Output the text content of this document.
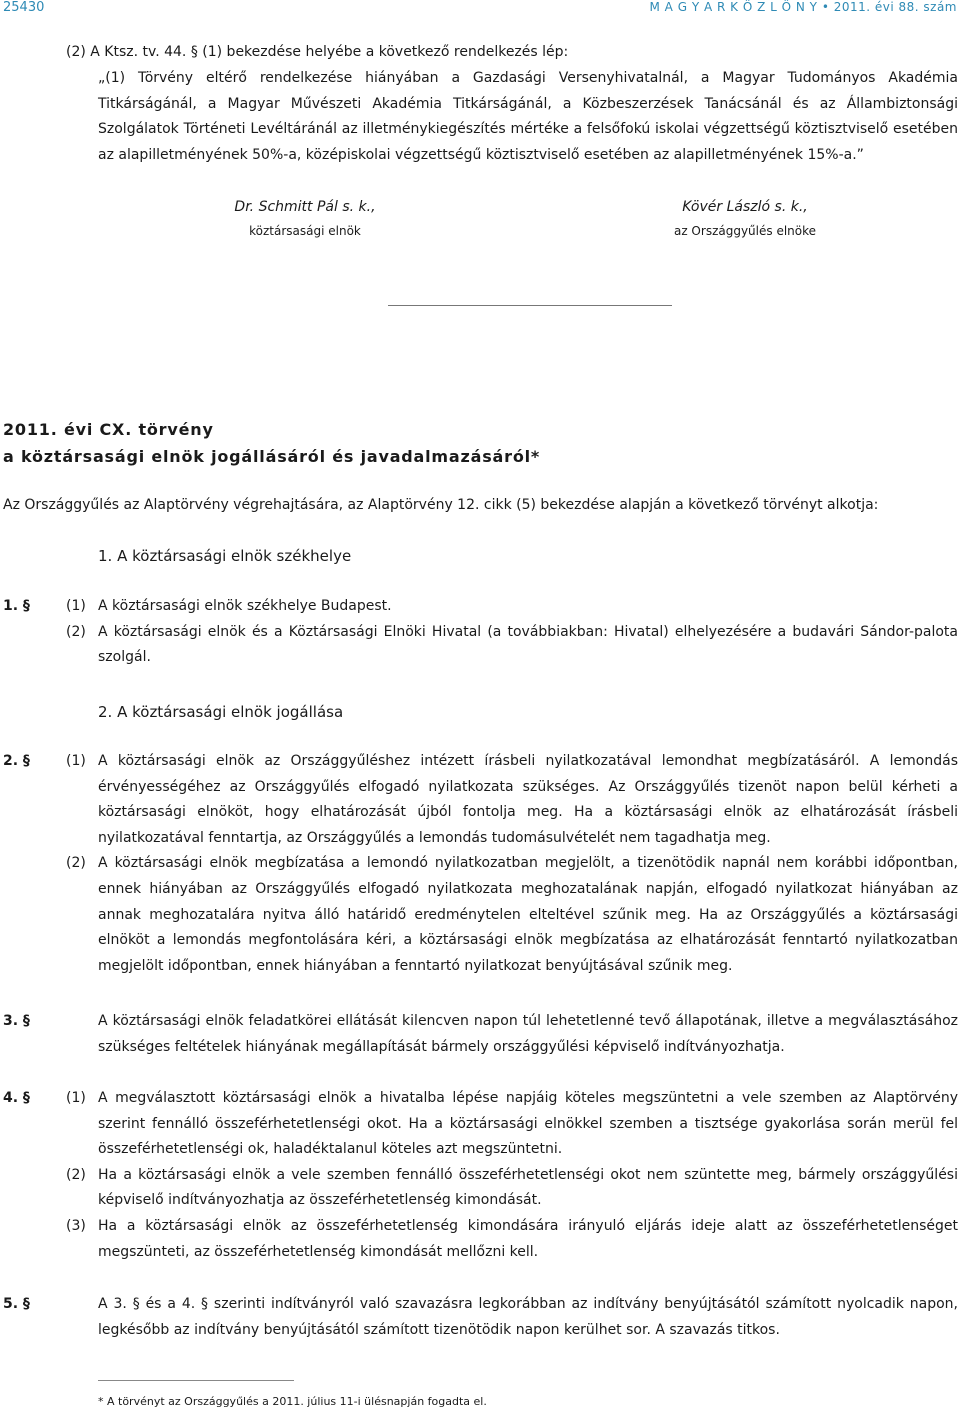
25430	M A G Y A R K Ö Z L Ö N Y • 2011. évi 88. szám
(2) A Ktsz. tv. 44. § (1) bekezdése helyébe a következő rendelkezés lép:
„(1) Törvény eltérő rendelkezése hiányában a Gazdasági Versenyhivatalnál, a Magyar Tudományos Akadémia Titkárságánál, a Magyar Művészeti Akadémia Titkárságánál, a Közbeszerzések Tanácsánál és az Állambiztonsági Szolgálatok Történeti Levéltáránál az illetménykiegészítés mértéke a felsőfokú iskolai végzettségű köztisztviselő esetében az alapilletményének 50%-a, középiskolai végzettségű köztisztviselő esetében az alapilletményének 15%-a.”
Dr. Schmitt Pál s. k.,
köztársasági elnök
Kövér László s. k.,
az Országgyűlés elnöke
2011. évi CX. törvény
a köztársasági elnök jogállásáról és javadalmazásáról*
Az Országgyűlés az Alaptörvény végrehajtására, az Alaptörvény 12. cikk (5) bekezdése alapján a következő törvényt alkotja:
1. A köztársasági elnök székhelye
1. §	(1) A köztársasági elnök székhelye Budapest.
(2) A köztársasági elnök és a Köztársasági Elnöki Hivatal (a továbbiakban: Hivatal) elhelyezésére a budavári Sándor-palota szolgál.
2. A köztársasági elnök jogállása
2. §	(1) A köztársasági elnök az Országgyűléshez intézett írásbeli nyilatkozatával lemondhat megbízatásáról. A lemondás érvényességéhez az Országgyűlés elfogadó nyilatkozata szükséges. Az Országgyűlés tizenöt napon belül kérheti a köztársasági elnököt, hogy elhatározását újból fontolja meg. Ha a köztársasági elnök az elhatározását írásbeli nyilatkozatával fenntartja, az Országgyűlés a lemondás tudomásulvételét nem tagadhatja meg.
(2) A köztársasági elnök megbízatása a lemondó nyilatkozatban megjelölt, a tizenötödik napnál nem korábbi időpontban, ennek hiányában az Országgyűlés elfogadó nyilatkozata meghozatalának napján, elfogadó nyilatkozat hiányában az annak meghozatalára nyitva álló határidő eredménytelen elteltével szűnik meg. Ha az Országgyűlés a köztársasági elnököt a lemondás megfontolására kéri, a köztársasági elnök megbízatása az elhatározását fenntartó nyilatkozatban megjelölt időpontban, ennek hiányában a fenntartó nyilatkozat benyújtásával szűnik meg.
3. §	A köztársasági elnök feladatkörei ellátását kilencven napon túl lehetetlenné tevő állapotának, illetve a megválasztásához szükséges feltételek hiányának megállapítását bármely országgyűlési képviselő indítványozhatja.
4. §	(1) A megválasztott köztársasági elnök a hivatalba lépése napjáig köteles megszüntetni a vele szemben az Alaptörvény szerint fennálló összeférhetetlenségi okot. Ha a köztársasági elnökkel szemben a tisztsége gyakorlása során merül fel összeférhetetlenségi ok, haladéktalanul köteles azt megszüntetni.
(2) Ha a köztársasági elnök a vele szemben fennálló összeférhetetlenségi okot nem szüntette meg, bármely országgyűlési képviselő indítványozhatja az összeférhetetlenség kimondását.
(3) Ha a köztársasági elnök az összeférhetetlenség kimondására irányuló eljárás ideje alatt az összeférhetetlenséget megszünteti, az összeférhetetlenség kimondását mellőzni kell.
5. §	A 3. § és a 4. § szerinti indítványról való szavazásra legkorábban az indítvány benyújtásától számított nyolcadik napon, legkésőbb az indítvány benyújtásától számított tizenötödik napon kerülhet sor. A szavazás titkos.
* A törvényt az Országgyűlés a 2011. július 11-i ülésnapján fogadta el.
